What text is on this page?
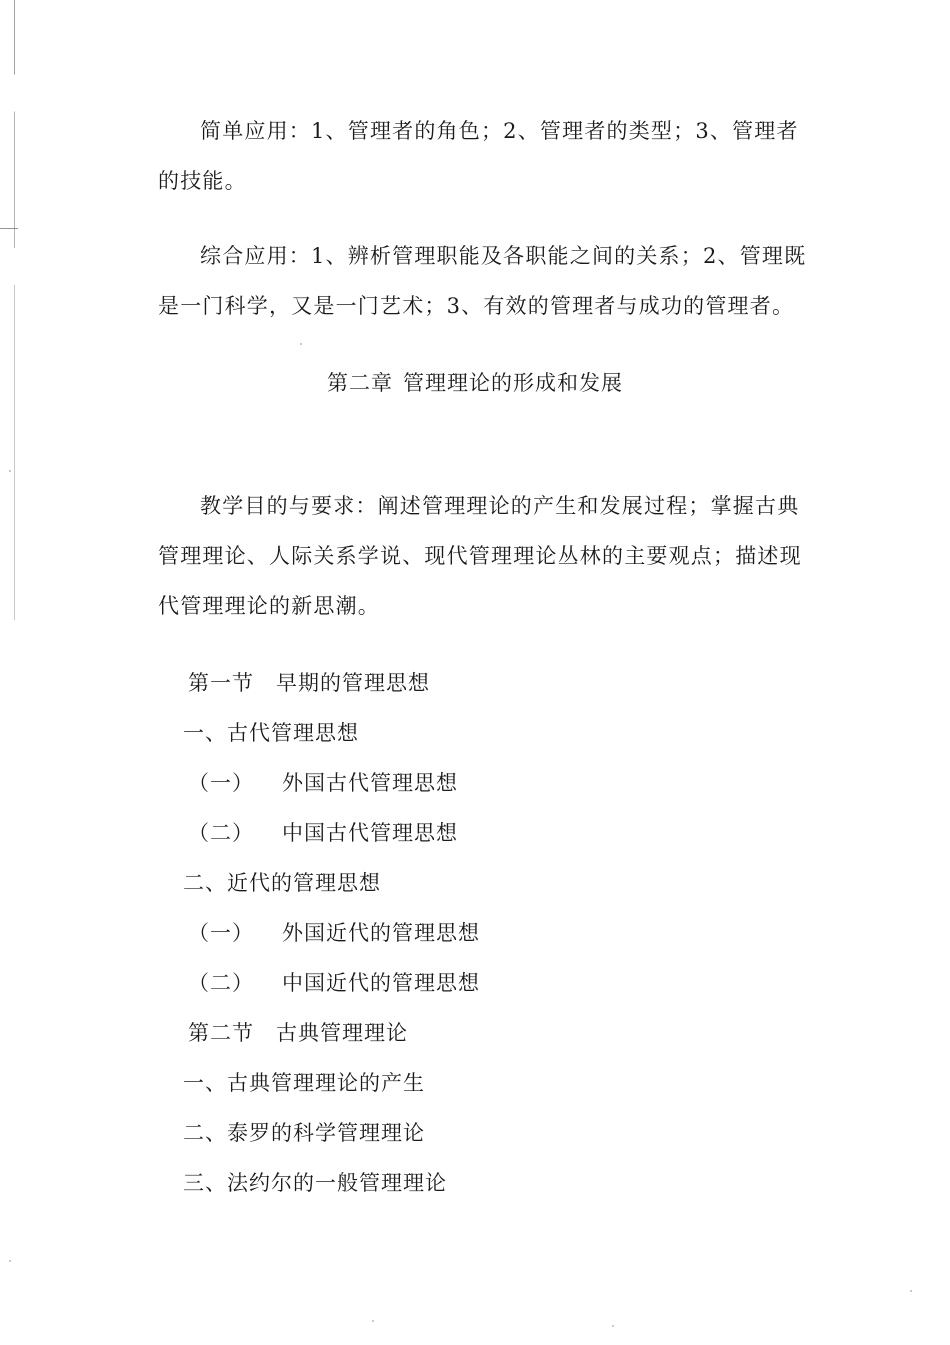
简单应用：1、管理者的角色；2、管理者的类型；3、管理者的技能。
综合应用：1、辨析管理职能及各职能之间的关系；2、管理既是一门科学，又是一门艺术；3、有效的管理者与成功的管理者。
第二章 管理理论的形成和发展
教学目的与要求：阐述管理理论的产生和发展过程；掌握古典管理理论、人际关系学说、现代管理理论丛林的主要观点；描述现代管理理论的新思潮。
第一节 早期的管理思想
一、古代管理思想
（一） 外国古代管理思想
（二） 中国古代管理思想
二、近代的管理思想
（一） 外国近代的管理思想
（二） 中国近代的管理思想
第二节 古典管理理论
一、古典管理理论的产生
二、泰罗的科学管理理论
三、法约尔的一般管理理论
